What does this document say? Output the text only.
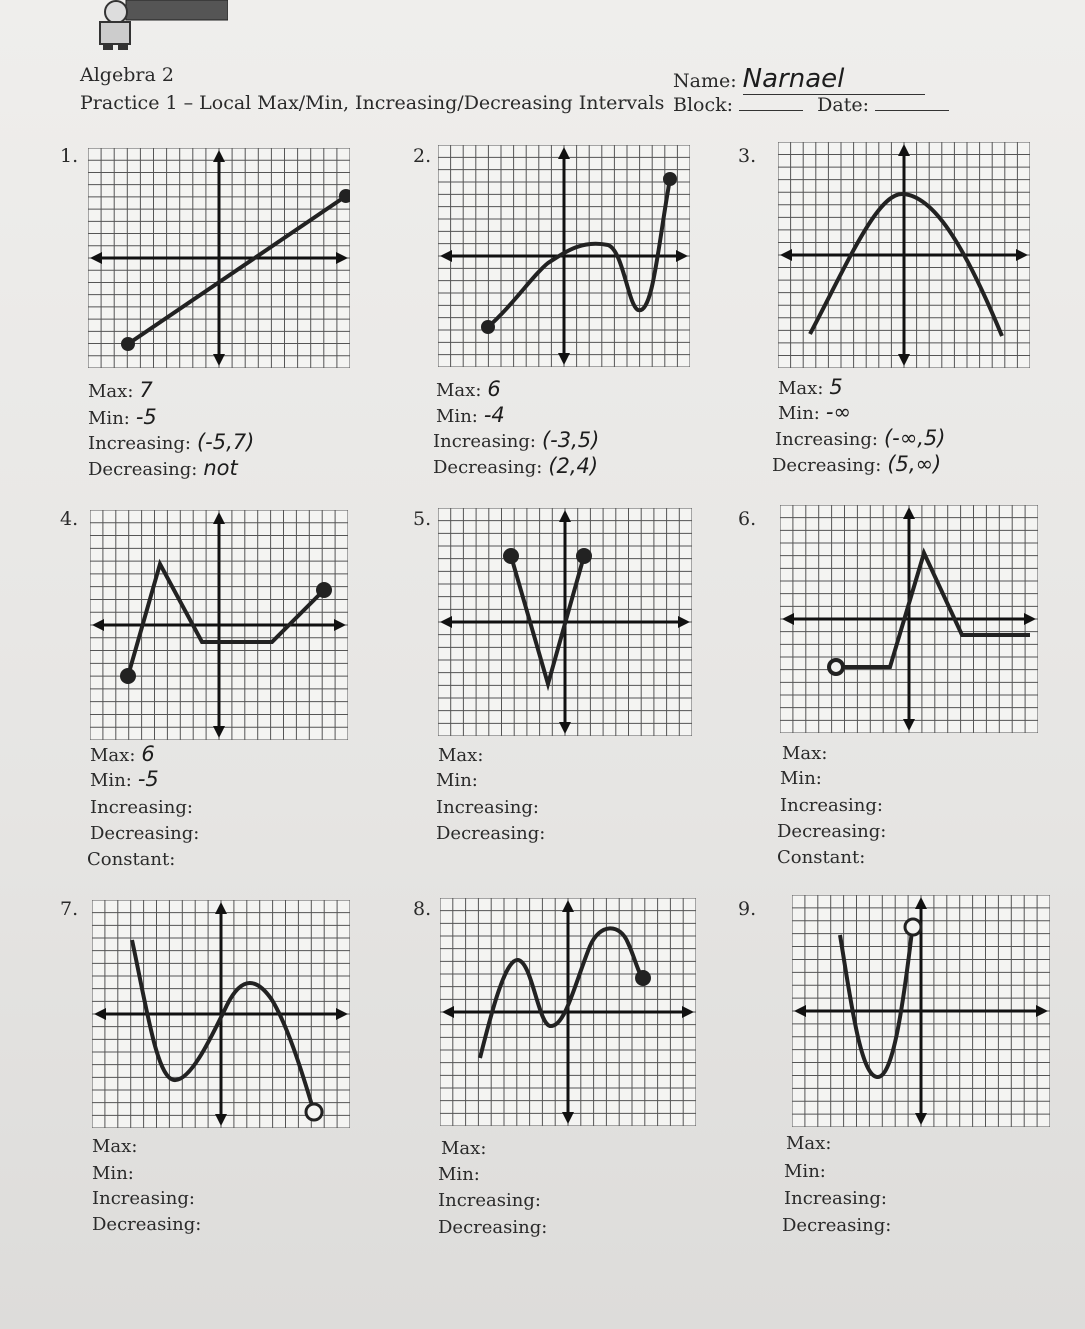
Algebra 2
Practice 1 – Local Max/Min, Increasing/Decreasing Intervals
Name: Narnael
Block:	Date:
1.	2.	3.
4.	5.	6.
7.	8.	9.
Max: 7
Min: -5
Increasing: (-5,7)
Decreasing: not
Max: 6
Min: -4
Increasing: (-3,5)
Decreasing: (2,4)
Max: 5
Min: -∞
Increasing: (-∞,5)
Decreasing: (5,∞)
Max: 6
Min: -5
Increasing:
Decreasing:
Constant:
Max:
Min:
Increasing:
Decreasing:
Max:
Min:
Increasing:
Decreasing:
Constant:
Max:
Min:
Increasing:
Decreasing:
Max:
Min:
Increasing:
Decreasing:
Max:
Min:
Increasing:
Decreasing:
